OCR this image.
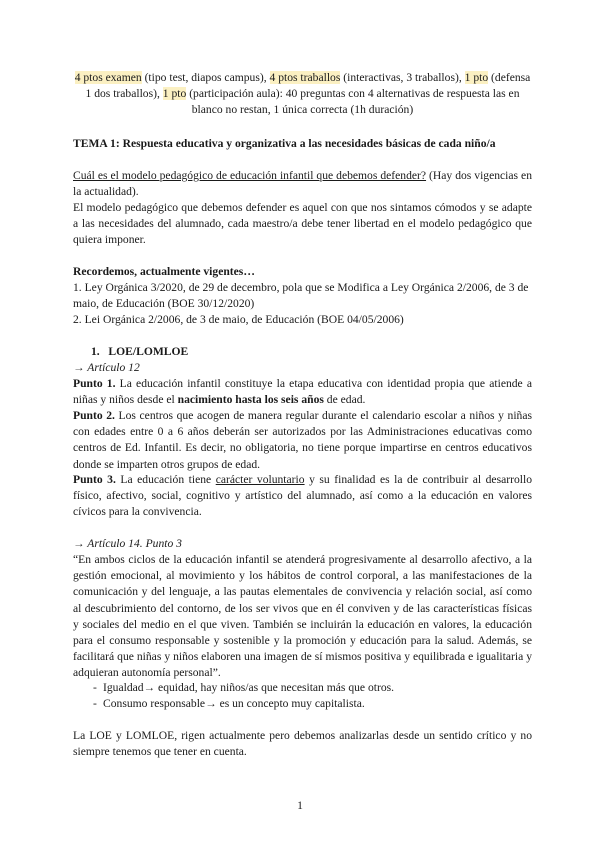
4 ptos examen (tipo test, diapos campus), 4 ptos traballos (interactivas, 3 traballos), 1 pto (defensa 1 dos traballos), 1 pto (participación aula): 40 preguntas con 4 alternativas de respuesta las en blanco no restan, 1 única correcta (1h duración)
TEMA 1: Respuesta educativa y organizativa a las necesidades básicas de cada niño/a
Cuál es el modelo pedagógico de educación infantil que debemos defender? (Hay dos vigencias en la actualidad).
El modelo pedagógico que debemos defender es aquel con que nos sintamos cómodos y se adapte a las necesidades del alumnado, cada maestro/a debe tener libertad en el modelo pedagógico que quiera imponer.
Recordemos, actualmente vigentes…
1. Ley Orgánica 3/2020, de 29 de decembro, pola que se Modifica a Ley Orgánica 2/2006, de 3 de maio, de Educación (BOE 30/12/2020)
2. Lei Orgánica 2/2006, de 3 de maio, de Educación (BOE 04/05/2006)
1. LOE/LOMLOE
→ Artículo 12
Punto 1. La educación infantil constituye la etapa educativa con identidad propia que atiende a niñas y niños desde el nacimiento hasta los seis años de edad.
Punto 2. Los centros que acogen de manera regular durante el calendario escolar a niños y niñas con edades entre 0 a 6 años deberán ser autorizados por las Administraciones educativas como centros de Ed. Infantil. Es decir, no obligatoria, no tiene porque impartirse en centros educativos donde se imparten otros grupos de edad.
Punto 3. La educación tiene carácter voluntario y su finalidad es la de contribuir al desarrollo físico, afectivo, social, cognitivo y artístico del alumnado, así como a la educación en valores cívicos para la convivencia.
→ Artículo 14. Punto 3
“En ambos ciclos de la educación infantil se atenderá progresivamente al desarrollo afectivo, a la gestión emocional, al movimiento y los hábitos de control corporal, a las manifestaciones de la comunicación y del lenguaje, a las pautas elementales de convivencia y relación social, así como al descubrimiento del contorno, de los ser vivos que en él conviven y de las características físicas y sociales del medio en el que viven. También se incluirán la educación en valores, la educación para el consumo responsable y sostenible y la promoción y educación para la salud. Además, se facilitará que niñas y niños elaboren una imagen de sí mismos positiva y equilibrada e igualitaria y adquieran autonomía personal”.
- Igualdad→ equidad, hay niños/as que necesitan más que otros.
- Consumo responsable→ es un concepto muy capitalista.
La LOE y LOMLOE, rigen actualmente pero debemos analizarlas desde un sentido crítico y no siempre tenemos que tener en cuenta.
1
